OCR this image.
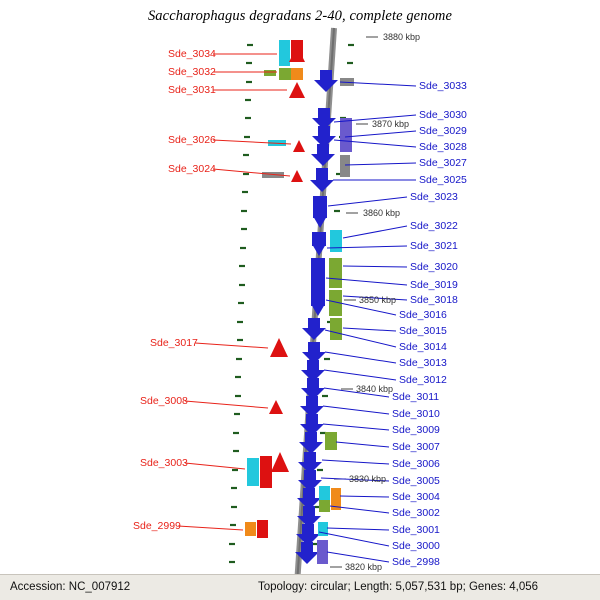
Saccharophagus degradans 2-40, complete genome
Sde_3034
Sde_3032
Sde_3031
Sde_3026
Sde_3024
Sde_3017
Sde_3008
Sde_3003
Sde_2999
Sde_3033
Sde_3030
Sde_3029
Sde_3028
Sde_3027
Sde_3025
Sde_3023
Sde_3022
Sde_3021
Sde_3020
Sde_3019
Sde_3018
Sde_3016
Sde_3015
Sde_3014
Sde_3013
Sde_3012
Sde_3011
Sde_3010
Sde_3009
Sde_3007
Sde_3006
Sde_3005
Sde_3004
Sde_3002
Sde_3001
Sde_3000
Sde_2998
3880 kbp
3870 kbp
3860 kbp
3850 kbp
3840 kbp
3830 kbp
3820 kbp
Accession: NC_007912	Topology: circular; Length: 5,057,531 bp; Genes: 4,056
